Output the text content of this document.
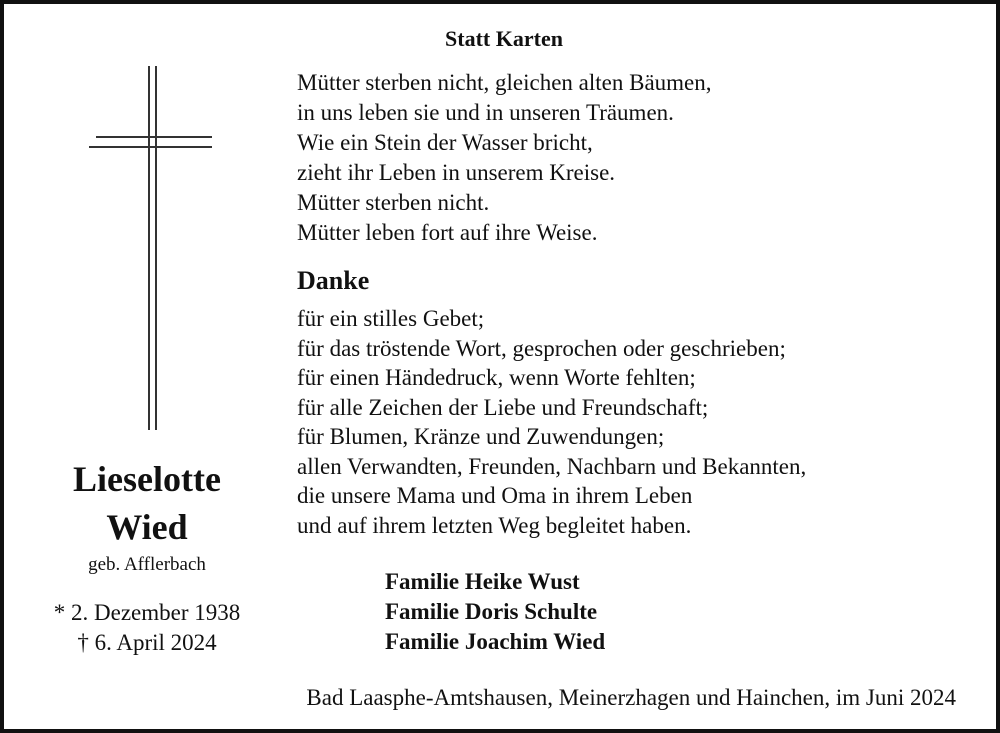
Statt Karten
Mütter sterben nicht, gleichen alten Bäumen,
in uns leben sie und in unseren Träumen.
Wie ein Stein der Wasser bricht,
zieht ihr Leben in unserem Kreise.
Mütter sterben nicht.
Mütter leben fort auf ihre Weise.
Danke
für ein stilles Gebet;
für das tröstende Wort, gesprochen oder geschrieben;
für einen Händedruck, wenn Worte fehlten;
für alle Zeichen der Liebe und Freundschaft;
für Blumen, Kränze und Zuwendungen;
allen Verwandten, Freunden, Nachbarn und Bekannten,
die unsere Mama und Oma in ihrem Leben
und auf ihrem letzten Weg begleitet haben.
Lieselotte
Wied
geb. Afflerbach
* 2. Dezember 1938
† 6. April 2024
Familie Heike Wust
Familie Doris Schulte
Familie Joachim Wied
Bad Laasphe-Amtshausen, Meinerzhagen und Hainchen, im Juni 2024
